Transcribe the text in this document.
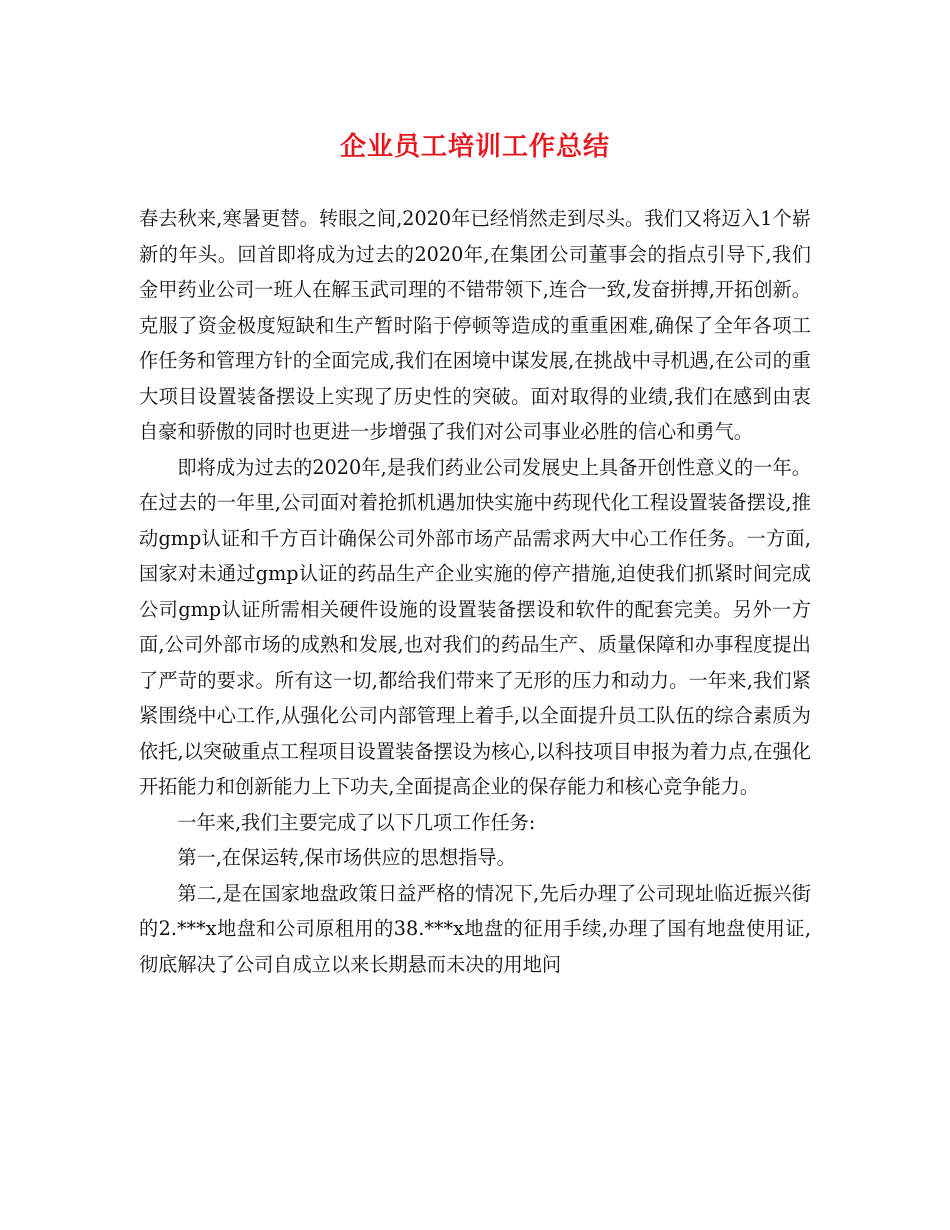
企业员工培训工作总结

春去秋来,寒暑更替。转眼之间,2020年已经悄然走到尽头。我们又将迈入1个崭新的年头。回首即将成为过去的2020年,在集团公司董事会的指点引导下,我们金甲药业公司一班人在解玉武司理的不错带领下,连合一致,发奋拼搏,开拓创新。克服了资金极度短缺和生产暂时陷于停顿等造成的重重困难,确保了全年各项工作任务和管理方针的全面完成,我们在困境中谋发展,在挑战中寻机遇,在公司的重大项目设置装备摆设上实现了历史性的突破。面对取得的业绩,我们在感到由衷自豪和骄傲的同时也更进一步增强了我们对公司事业必胜的信心和勇气。

即将成为过去的2020年,是我们药业公司发展史上具备开创性意义的一年。在过去的一年里,公司面对着抢抓机遇加快实施中药现代化工程设置装备摆设,推动gmp认证和千方百计确保公司外部市场产品需求两大中心工作任务。一方面,国家对未通过gmp认证的药品生产企业实施的停产措施,迫使我们抓紧时间完成公司gmp认证所需相关硬件设施的设置装备摆设和软件的配套完美。另外一方面,公司外部市场的成熟和发展,也对我们的药品生产、质量保障和办事程度提出了严苛的要求。所有这一切,都给我们带来了无形的压力和动力。一年来,我们紧紧围绕中心工作,从强化公司内部管理上着手,以全面提升员工队伍的综合素质为依托,以突破重点工程项目设置装备摆设为核心,以科技项目申报为着力点,在强化开拓能力和创新能力上下功夫,全面提高企业的保存能力和核心竞争能力。

一年来,我们主要完成了以下几项工作任务:

第一,在保运转,保市场供应的思想指导。

第二,是在国家地盘政策日益严格的情况下,先后办理了公司现址临近振兴街的2.***x地盘和公司原租用的38.***x地盘的征用手续,办理了国有地盘使用证,彻底解决了公司自成立以来长期悬而未决的用地问
